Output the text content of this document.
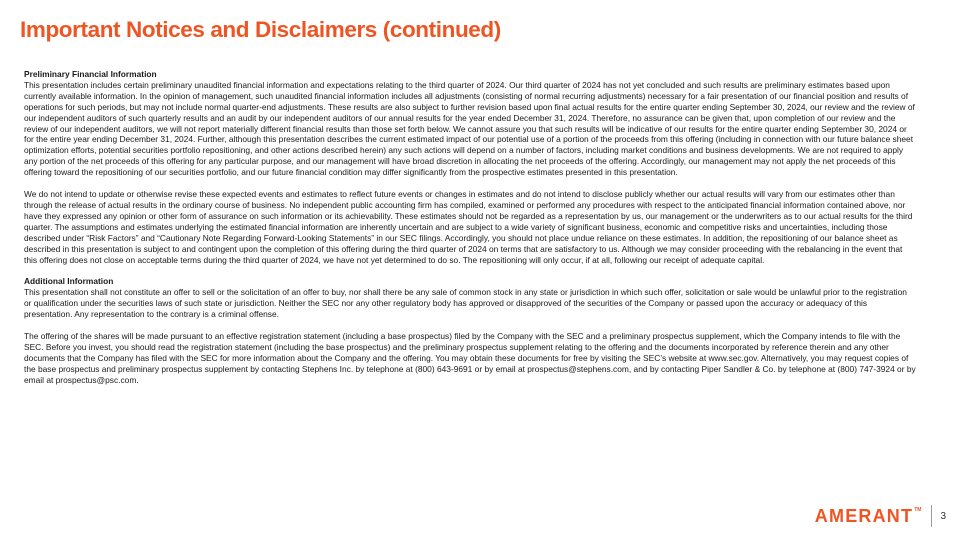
Important Notices and Disclaimers (continued)
Preliminary Financial Information

This presentation includes certain preliminary unaudited financial information and expectations relating to the third quarter of 2024. Our third quarter of 2024 has not yet concluded and such results are preliminary estimates based upon currently available information. In the opinion of management, such unaudited financial information includes all adjustments (consisting of normal recurring adjustments) necessary for a fair presentation of our financial position and results of operations for such periods, but may not include normal quarter-end adjustments. These results are also subject to further revision based upon final actual results for the entire quarter ending September 30, 2024, our review and the review of our independent auditors of such quarterly results and an audit by our independent auditors of our annual results for the year ended December 31, 2024. Therefore, no assurance can be given that, upon completion of our review and the review of our independent auditors, we will not report materially different financial results than those set forth below. We cannot assure you that such results will be indicative of our results for the entire quarter ending September 30, 2024 or for the entire year ending December 31, 2024. Further, although this presentation describes the current estimated impact of our potential use of a portion of the proceeds from this offering (including in connection with our future balance sheet optimization efforts, potential securities portfolio repositioning, and other actions described herein) any such actions will depend on a number of factors, including market conditions and business developments. We are not required to apply any portion of the net proceeds of this offering for any particular purpose, and our management will have broad discretion in allocating the net proceeds of the offering. Accordingly, our management may not apply the net proceeds of this offering toward the repositioning of our securities portfolio, and our future financial condition may differ significantly from the prospective estimates presented in this presentation.

We do not intend to update or otherwise revise these expected events and estimates to reflect future events or changes in estimates and do not intend to disclose publicly whether our actual results will vary from our estimates other than through the release of actual results in the ordinary course of business. No independent public accounting firm has compiled, examined or performed any procedures with respect to the anticipated financial information contained above, nor have they expressed any opinion or other form of assurance on such information or its achievability. These estimates should not be regarded as a representation by us, our management or the underwriters as to our actual results for the third quarter. The assumptions and estimates underlying the estimated financial information are inherently uncertain and are subject to a wide variety of significant business, economic and competitive risks and uncertainties, including those described under “Risk Factors” and “Cautionary Note Regarding Forward-Looking Statements” in our SEC filings. Accordingly, you should not place undue reliance on these estimates. In addition, the repositioning of our balance sheet as described in this presentation is subject to and contingent upon the completion of this offering during the third quarter of 2024 on terms that are satisfactory to us. Although we may consider proceeding with the rebalancing in the event that this offering does not close on acceptable terms during the third quarter of 2024, we have not yet determined to do so. The repositioning will only occur, if at all, following our receipt of adequate capital.

Additional Information

This presentation shall not constitute an offer to sell or the solicitation of an offer to buy, nor shall there be any sale of common stock in any state or jurisdiction in which such offer, solicitation or sale would be unlawful prior to the registration or qualification under the securities laws of such state or jurisdiction. Neither the SEC nor any other regulatory body has approved or disapproved of the securities of the Company or passed upon the accuracy or adequacy of this presentation. Any representation to the contrary is a criminal offense.

The offering of the shares will be made pursuant to an effective registration statement (including a base prospectus) filed by the Company with the SEC and a preliminary prospectus supplement, which the Company intends to file with the SEC. Before you invest, you should read the registration statement (including the base prospectus) and the preliminary prospectus supplement relating to the offering and the documents incorporated by reference therein and any other documents that the Company has filed with the SEC for more information about the Company and the offering. You may obtain these documents for free by visiting the SEC’s website at www.sec.gov. Alternatively, you may request copies of the base prospectus and preliminary prospectus supplement by contacting Stephens Inc. by telephone at (800) 643-9691 or by email at prospectus@stephens.com, and by contacting Piper Sandler & Co. by telephone at (800) 747-3924 or by email at prospectus@psc.com.

AMERANT TM
3
